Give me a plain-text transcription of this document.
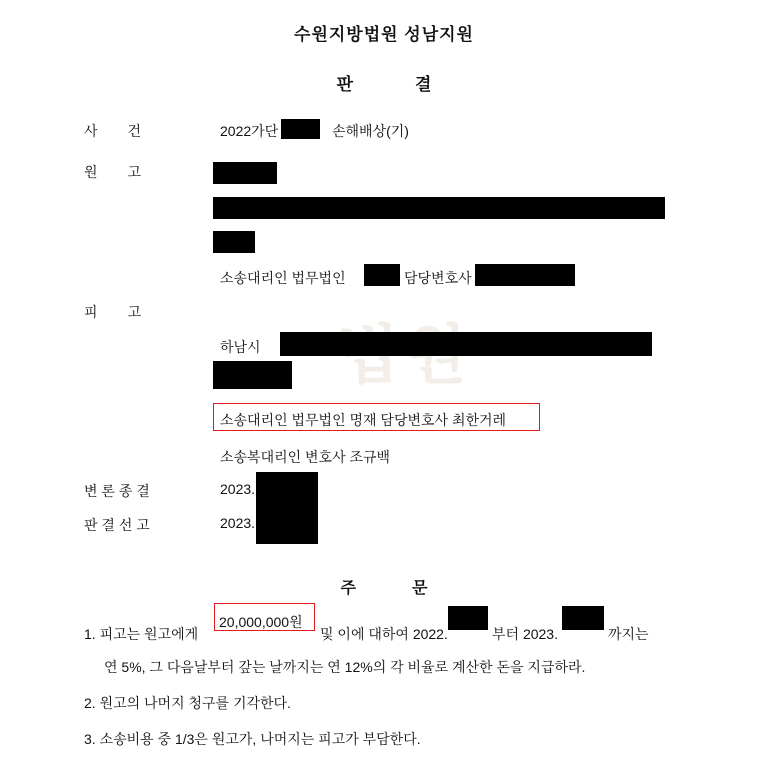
수원지방법원 성남지원
판	결
사 건	2022가단	손해배상(기)
원 고
소송대리인 법무법인	담당변호사
피 고
하남시
소송대리인 법무법인 명재 담당변호사 최한거레
소송복대리인 변호사 조규백
변 론 종 결	2023.
판 결 선 고	2023.
주	문
1. 피고는 원고에게
20,000,000원
및 이에 대하여 2022.	부터 2023.	까지는
연 5%, 그 다음날부터 갚는 날까지는 연 12%의 각 비율로 계산한 돈을 지급하라.
2. 원고의 나머지 청구를 기각한다.
3. 소송비용 중 1/3은 원고가, 나머지는 피고가 부담한다.
